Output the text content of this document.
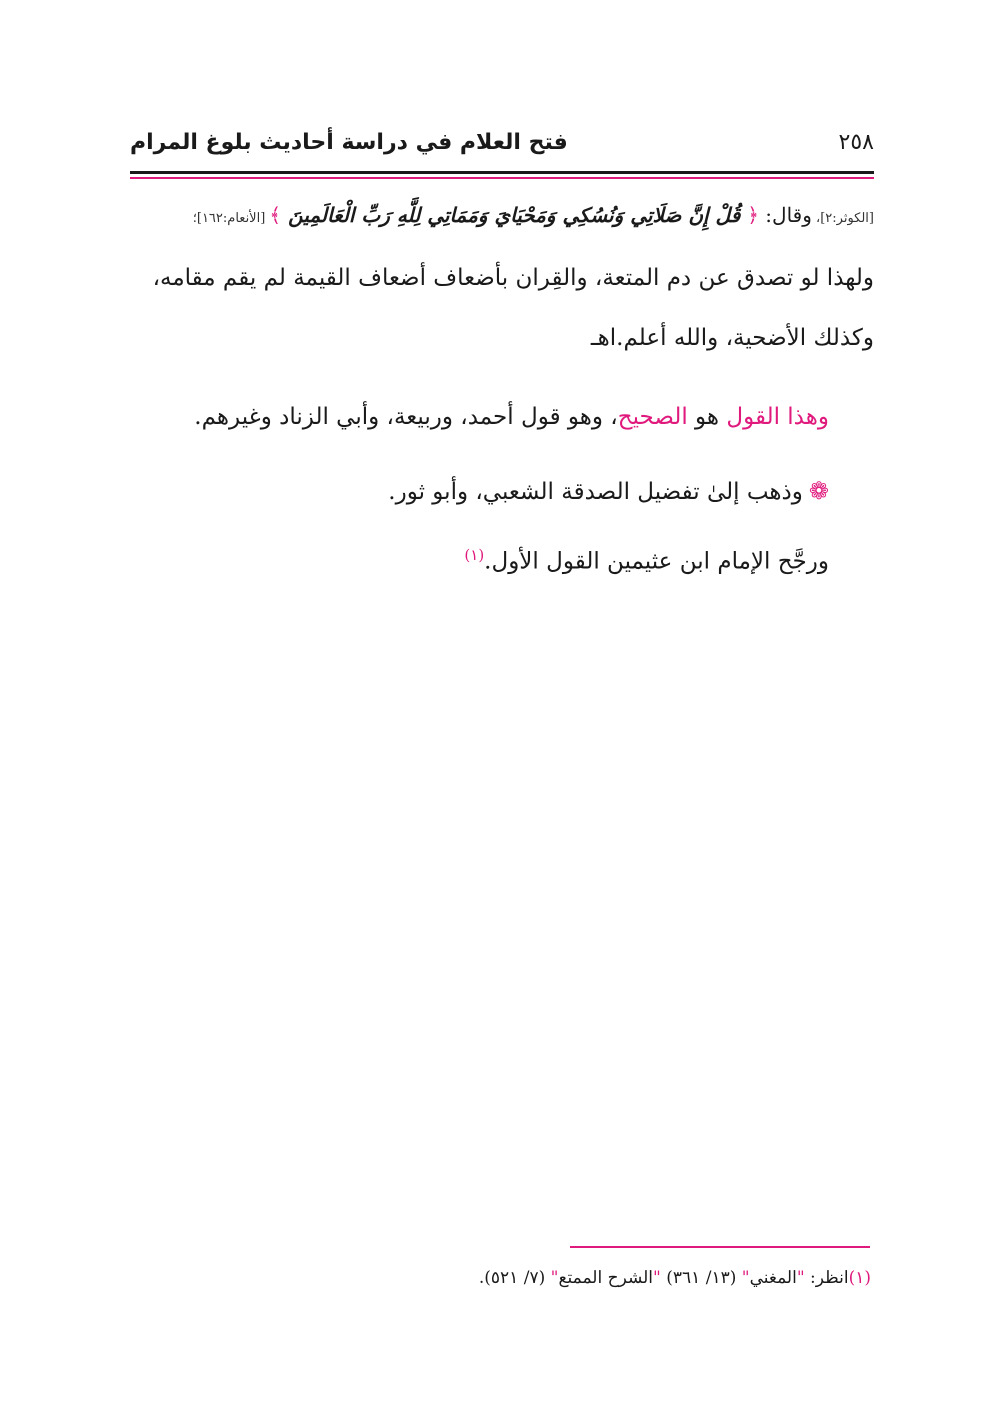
فتح العلام في دراسة أحاديث بلوغ المرام	٢٥٨
[الكوثر:٢]، وقال: ﴿ قُلْ إِنَّ صَلَاتِي وَنُسُكِي وَمَحْيَايَ وَمَمَاتِي لِلَّهِ رَبِّ الْعَالَمِينَ ﴾ [الأنعام:١٦٢]؛
ولهذا لو تصدق عن دم المتعة، والقِران بأضعاف أضعاف القيمة لم يقم مقامه،
وكذلك الأضحية، والله أعلم.اهـ
وهذا القول هو الصحيح، وهو قول أحمد، وربيعة، وأبي الزناد وغيرهم.
❁وذهب إلىٰ تفضيل الصدقة الشعبي، وأبو ثور.
ورجَّح الإمام ابن عثيمين القول الأول.$^{(١)}$
(١)انظر: "المغني" (١٣/ ٣٦١) "الشرح الممتع" (٧/ ٥٢١).
